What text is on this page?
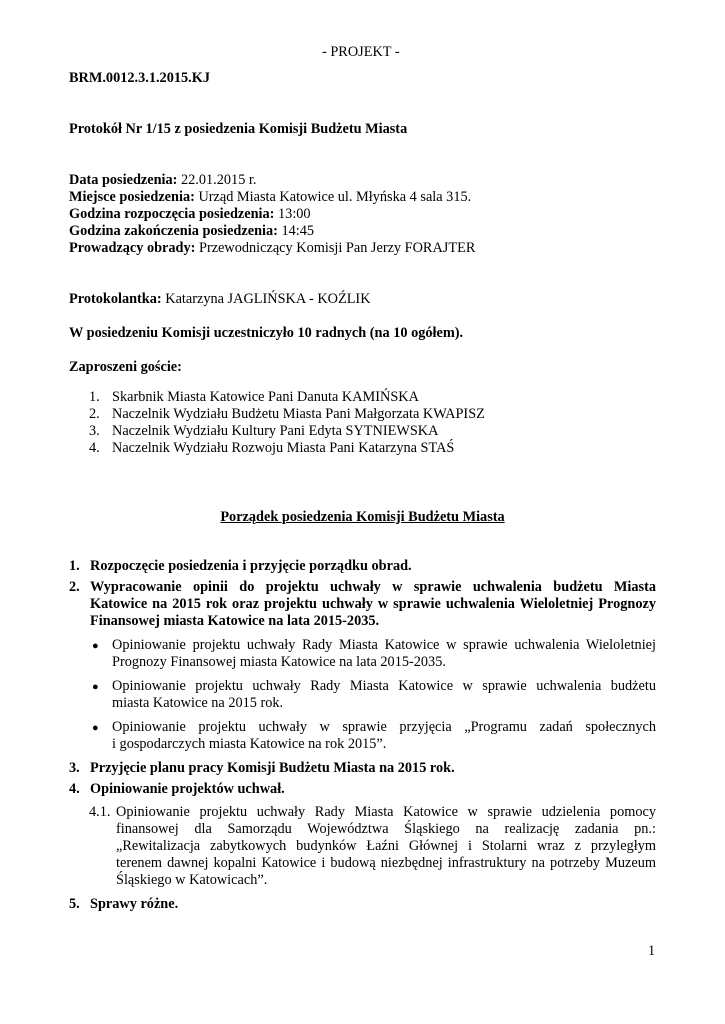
- PROJEKT -
BRM.0012.3.1.2015.KJ
Protokół Nr 1/15 z posiedzenia Komisji Budżetu Miasta
Data posiedzenia: 22.01.2015 r.
Miejsce posiedzenia: Urząd Miasta Katowice ul. Młyńska 4 sala 315.
Godzina rozpoczęcia posiedzenia: 13:00
Godzina zakończenia posiedzenia: 14:45
Prowadzący obrady: Przewodniczący Komisji Pan Jerzy FORAJTER
Protokolantka: Katarzyna JAGLIŃSKA - KOŹLIK
W posiedzeniu Komisji uczestniczyło 10 radnych (na 10 ogółem).
Zaproszeni goście:
1. Skarbnik Miasta Katowice Pani Danuta KAMIŃSKA
2. Naczelnik Wydziału Budżetu Miasta Pani Małgorzata KWAPISZ
3. Naczelnik Wydziału Kultury Pani Edyta SYTNIEWSKA
4. Naczelnik Wydziału Rozwoju Miasta Pani Katarzyna STAŚ
Porządek posiedzenia Komisji Budżetu Miasta
1. Rozpoczęcie posiedzenia i przyjęcie porządku obrad.
2. Wypracowanie opinii do projektu uchwały w sprawie uchwalenia budżetu Miasta
Katowice na 2015 rok oraz projektu uchwały w sprawie uchwalenia Wieloletniej Prognozy
Finansowej miasta Katowice na lata 2015-2035.
● Opiniowanie projektu uchwały Rady Miasta Katowice w sprawie uchwalenia Wieloletniej
Prognozy Finansowej miasta Katowice na lata 2015-2035.
● Opiniowanie projektu uchwały Rady Miasta Katowice w sprawie uchwalenia budżetu
miasta Katowice na 2015 rok.
● Opiniowanie projektu uchwały w sprawie przyjęcia „Programu zadań społecznych
i gospodarczych miasta Katowice na rok 2015”.
3. Przyjęcie planu pracy Komisji Budżetu Miasta na 2015 rok.
4. Opiniowanie projektów uchwał.
4.1. Opiniowanie projektu uchwały Rady Miasta Katowice w sprawie udzielenia pomocy
finansowej dla Samorządu Województwa Śląskiego na realizację zadania pn.:
„Rewitalizacja zabytkowych budynków Łaźni Głównej i Stolarni wraz z przyległym
terenem dawnej kopalni Katowice i budową niezbędnej infrastruktury na potrzeby Muzeum
Śląskiego w Katowicach”.
5. Sprawy różne.
1
